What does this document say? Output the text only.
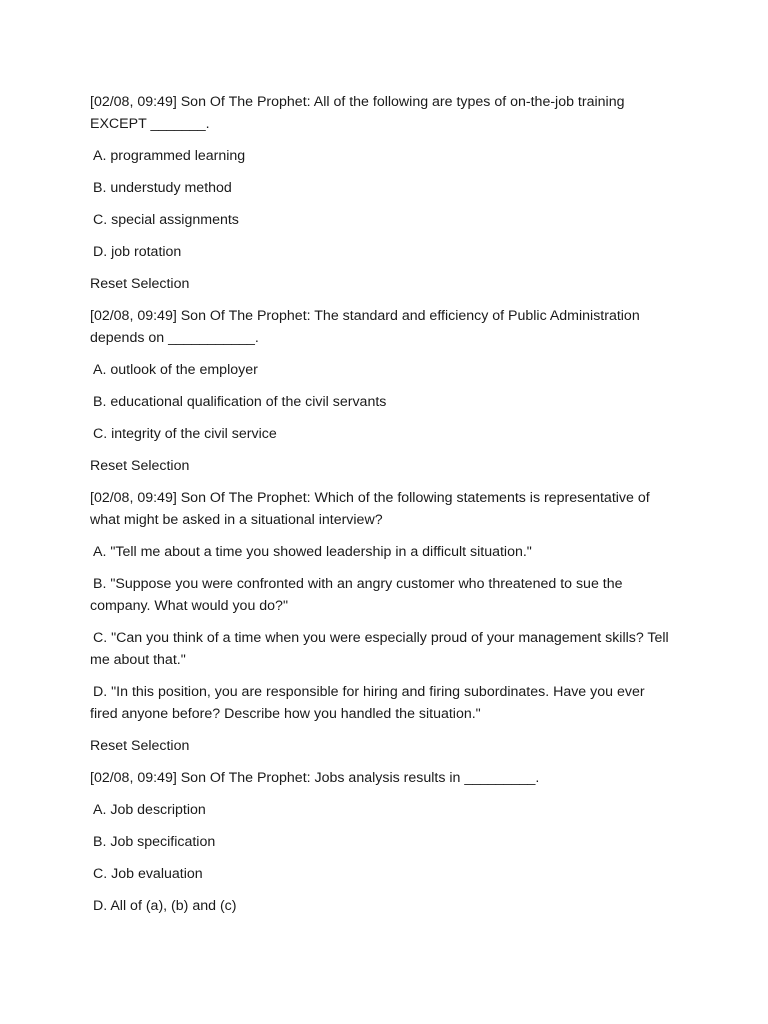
[02/08, 09:49] Son Of The Prophet: All of the following are types of on-the-job training EXCEPT _______.

A. programmed learning

B. understudy method

C. special assignments

D. job rotation

Reset Selection

[02/08, 09:49] Son Of The Prophet: The standard and efficiency of Public Administration depends on ___________.

A. outlook of the employer

B. educational qualification of the civil servants

C. integrity of the civil service

Reset Selection

[02/08, 09:49] Son Of The Prophet: Which of the following statements is representative of what might be asked in a situational interview?

A. "Tell me about a time you showed leadership in a difficult situation."

B. "Suppose you were confronted with an angry customer who threatened to sue the company. What would you do?"

C. "Can you think of a time when you were especially proud of your management skills? Tell me about that."

D. "In this position, you are responsible for hiring and firing subordinates. Have you ever fired anyone before? Describe how you handled the situation."

Reset Selection

[02/08, 09:49] Son Of The Prophet: Jobs analysis results in _________.

A. Job description

B. Job specification

C. Job evaluation

D. All of (a), (b) and (c)
